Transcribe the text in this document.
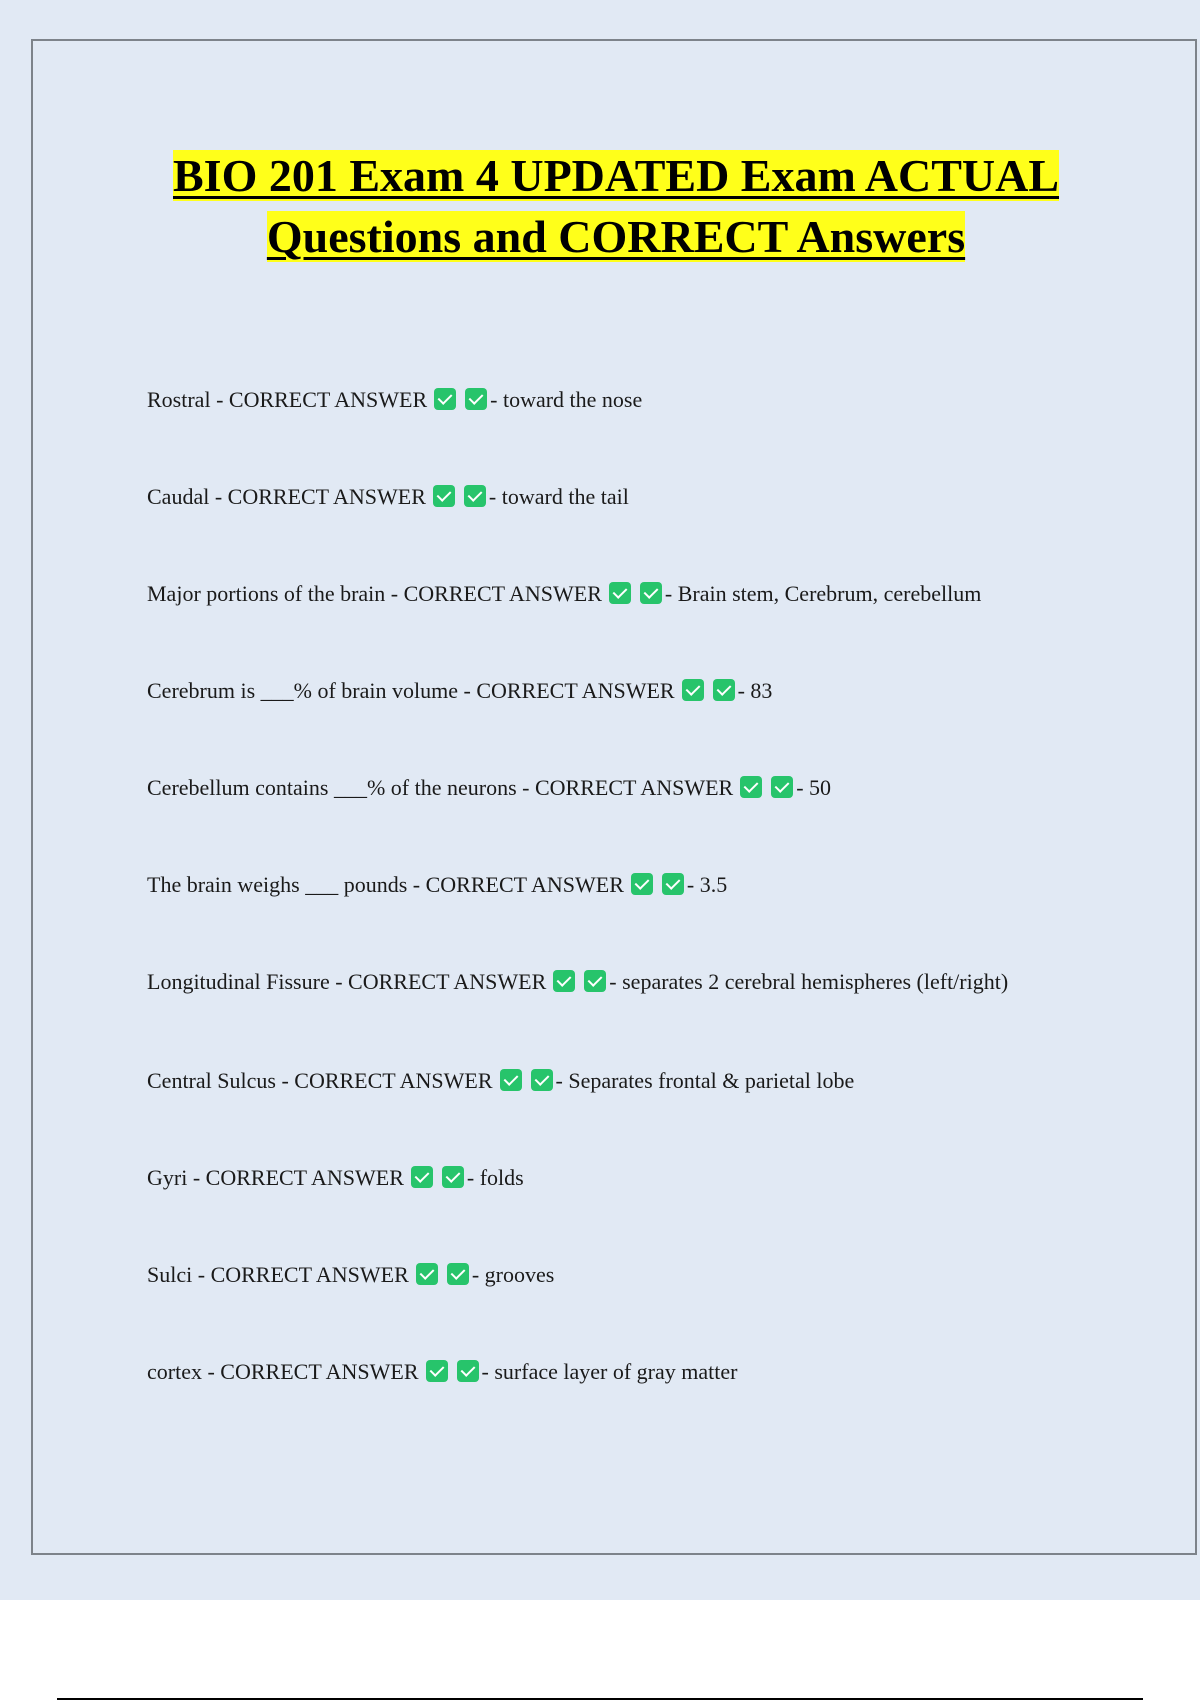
BIO 201 Exam 4 UPDATED Exam ACTUAL Questions and CORRECT Answers
Rostral - CORRECT ANSWER	- toward the nose
Caudal - CORRECT ANSWER	- toward the tail
Major portions of the brain - CORRECT ANSWER	- Brain stem, Cerebrum, cerebellum
Cerebrum is ___% of brain volume - CORRECT ANSWER	- 83
Cerebellum contains ___% of the neurons - CORRECT ANSWER	- 50
The brain weighs ___ pounds - CORRECT ANSWER	- 3.5
Longitudinal Fissure - CORRECT ANSWER	- separates 2 cerebral hemispheres (left/right)
Central Sulcus - CORRECT ANSWER	- Separates frontal & parietal lobe
Gyri - CORRECT ANSWER	- folds
Sulci - CORRECT ANSWER	- grooves
cortex - CORRECT ANSWER	- surface layer of gray matter
